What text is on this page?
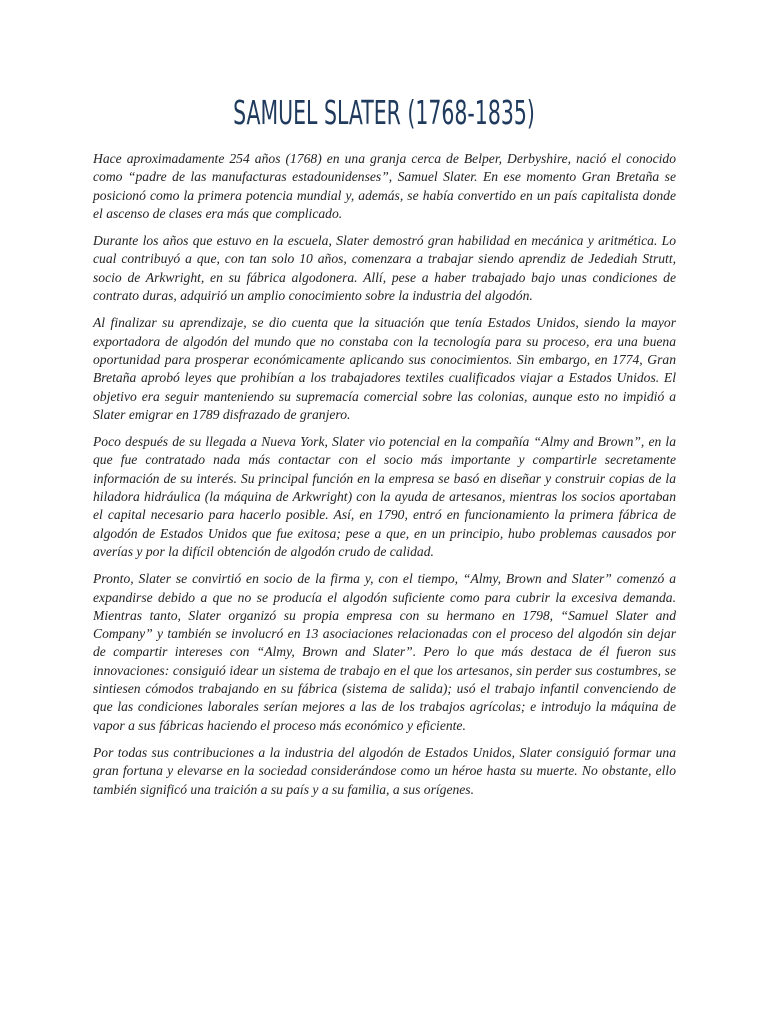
SAMUEL SLATER (1768-1835)

Hace aproximadamente 254 años (1768) en una granja cerca de Belper, Derbyshire, nació el conocido como “padre de las manufacturas estadounidenses”, Samuel Slater. En ese momento Gran Bretaña se posicionó como la primera potencia mundial y, además, se había convertido en un país capitalista donde el ascenso de clases era más que complicado.

Durante los años que estuvo en la escuela, Slater demostró gran habilidad en mecánica y aritmética. Lo cual contribuyó a que, con tan solo 10 años, comenzara a trabajar siendo aprendiz de Jedediah Strutt, socio de Arkwright, en su fábrica algodonera. Allí, pese a haber trabajado bajo unas condiciones de contrato duras, adquirió un amplio conocimiento sobre la industria del algodón.

Al finalizar su aprendizaje, se dio cuenta que la situación que tenía Estados Unidos, siendo la mayor exportadora de algodón del mundo que no constaba con la tecnología para su proceso, era una buena oportunidad para prosperar económicamente aplicando sus conocimientos. Sin embargo, en 1774, Gran Bretaña aprobó leyes que prohibían a los trabajadores textiles cualificados viajar a Estados Unidos. El objetivo era seguir manteniendo su supremacía comercial sobre las colonias, aunque esto no impidió a Slater emigrar en 1789 disfrazado de granjero.

Poco después de su llegada a Nueva York, Slater vio potencial en la compañía “Almy and Brown”, en la que fue contratado nada más contactar con el socio más importante y compartirle secretamente información de su interés. Su principal función en la empresa se basó en diseñar y construir copias de la hiladora hidráulica (la máquina de Arkwright) con la ayuda de artesanos, mientras los socios aportaban el capital necesario para hacerlo posible. Así, en 1790, entró en funcionamiento la primera fábrica de algodón de Estados Unidos que fue exitosa; pese a que, en un principio, hubo problemas causados por averías y por la difícil obtención de algodón crudo de calidad.

Pronto, Slater se convirtió en socio de la firma y, con el tiempo, “Almy, Brown and Slater” comenzó a expandirse debido a que no se producía el algodón suficiente como para cubrir la excesiva demanda. Mientras tanto, Slater organizó su propia empresa con su hermano en 1798, “Samuel Slater and Company” y también se involucró en 13 asociaciones relacionadas con el proceso del algodón sin dejar de compartir intereses con “Almy, Brown and Slater”. Pero lo que más destaca de él fueron sus innovaciones: consiguió idear un sistema de trabajo en el que los artesanos, sin perder sus costumbres, se sintiesen cómodos trabajando en su fábrica (sistema de salida); usó el trabajo infantil convenciendo de que las condiciones laborales serían mejores a las de los trabajos agrícolas; e introdujo la máquina de vapor a sus fábricas haciendo el proceso más económico y eficiente.

Por todas sus contribuciones a la industria del algodón de Estados Unidos, Slater consiguió formar una gran fortuna y elevarse en la sociedad considerándose como un héroe hasta su muerte. No obstante, ello también significó una traición a su país y a su familia, a sus orígenes.
